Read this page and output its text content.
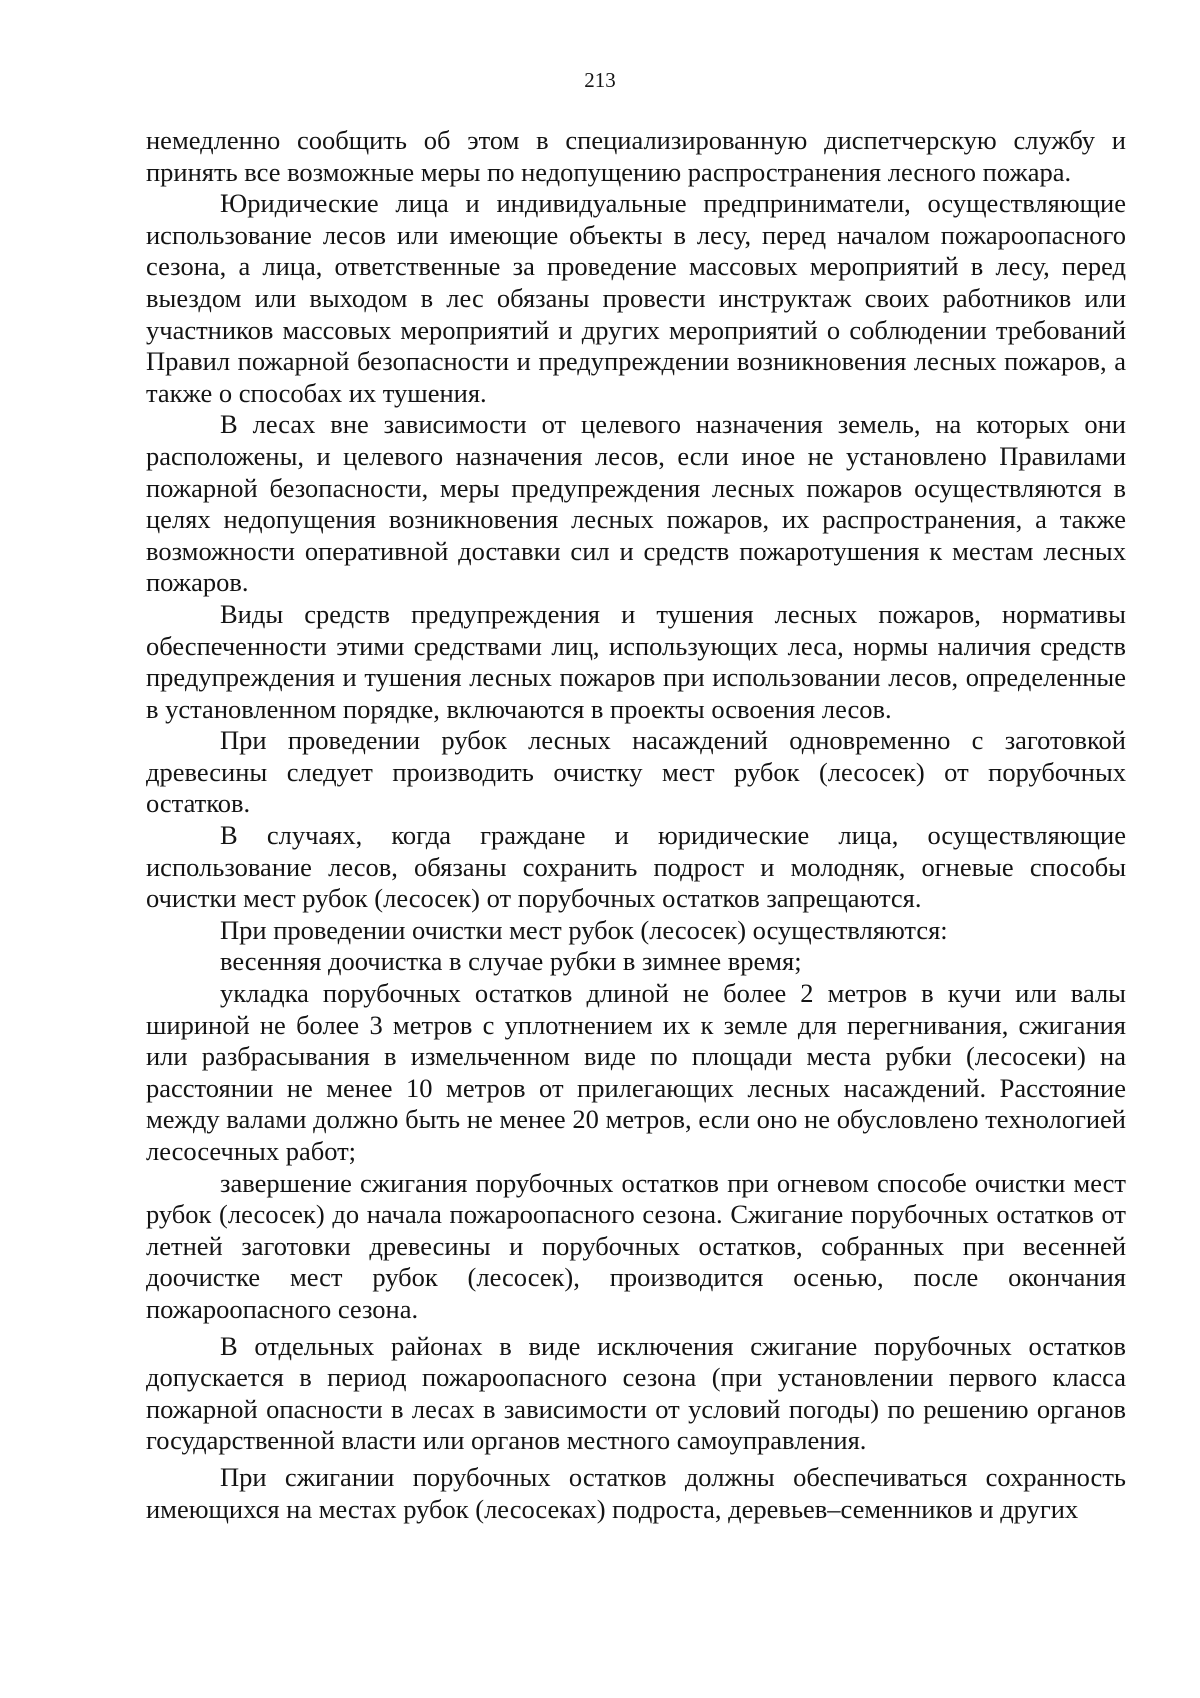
213

немедленно сообщить об этом в специализированную диспетчерскую службу и принять все возможные меры по недопущению распространения лесного пожара.

Юридические лица и индивидуальные предприниматели, осуществляющие использование лесов или имеющие объекты в лесу, перед началом пожароопасного сезона, а лица, ответственные за проведение массовых мероприятий в лесу, перед выездом или выходом в лес обязаны провести инструктаж своих работников или участников массовых мероприятий и других мероприятий о соблюдении требований Правил пожарной безопасности и предупреждении возникновения лесных пожаров, а также о способах их тушения.

В лесах вне зависимости от целевого назначения земель, на которых они расположены, и целевого назначения лесов, если иное не установлено Правилами пожарной безопасности, меры предупреждения лесных пожаров осуществляются в целях недопущения возникновения лесных пожаров, их распространения, а также возможности оперативной доставки сил и средств пожаротушения к местам лесных пожаров.

Виды средств предупреждения и тушения лесных пожаров, нормативы обеспеченности этими средствами лиц, использующих леса, нормы наличия средств предупреждения и тушения лесных пожаров при использовании лесов, определенные в установленном порядке, включаются в проекты освоения лесов.

При проведении рубок лесных насаждений одновременно с заготовкой древесины следует производить очистку мест рубок (лесосек) от порубочных остатков.

В случаях, когда граждане и юридические лица, осуществляющие использование лесов, обязаны сохранить подрост и молодняк, огневые способы очистки мест рубок (лесосек) от порубочных остатков запрещаются.

При проведении очистки мест рубок (лесосек) осуществляются:

весенняя доочистка в случае рубки в зимнее время;

укладка порубочных остатков длиной не более 2 метров в кучи или валы шириной не более 3 метров с уплотнением их к земле для перегнивания, сжигания или разбрасывания в измельченном виде по площади места рубки (лесосеки) на расстоянии не менее 10 метров от прилегающих лесных насаждений. Расстояние между валами должно быть не менее 20 метров, если оно не обусловлено технологией лесосечных работ;

завершение сжигания порубочных остатков при огневом способе очистки мест рубок (лесосек) до начала пожароопасного сезона. Сжигание порубочных остатков от летней заготовки древесины и порубочных остатков, собранных при весенней доочистке мест рубок (лесосек), производится осенью, после окончания пожароопасного сезона.

В отдельных районах в виде исключения сжигание порубочных остатков допускается в период пожароопасного сезона (при установлении первого класса пожарной опасности в лесах в зависимости от условий погоды) по решению органов государственной власти или органов местного самоуправления.

При сжигании порубочных остатков должны обеспечиваться сохранность имеющихся на местах рубок (лесосеках) подроста, деревьев–семенников и других
